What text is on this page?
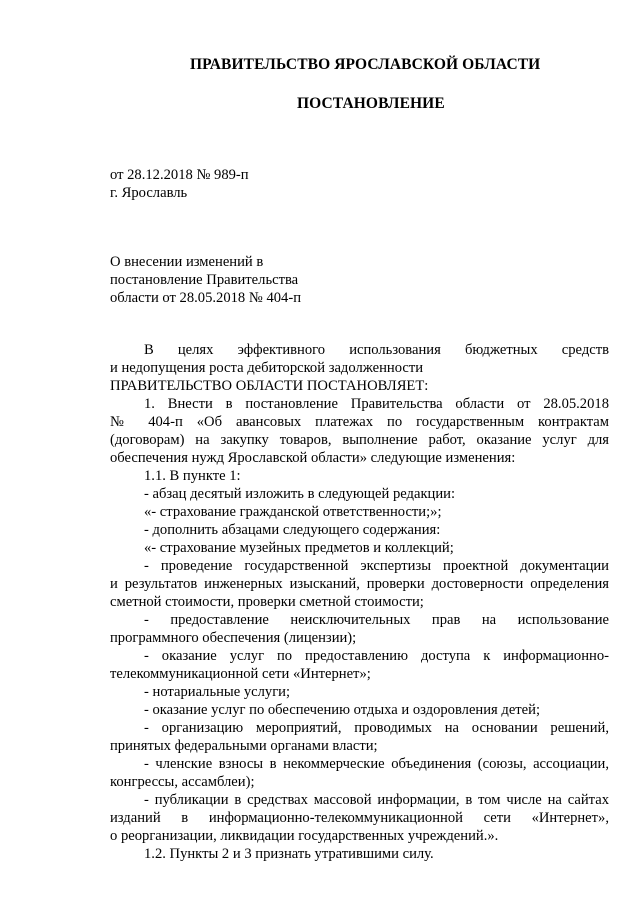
ПРАВИТЕЛЬСТВО ЯРОСЛАВСКОЙ ОБЛАСТИ
ПОСТАНОВЛЕНИЕ
от 28.12.2018 № 989-п
г. Ярославль
О внесении изменений в
постановление Правительства
области от 28.05.2018 № 404-п
В целях эффективного использования бюджетных средств
и недопущения роста дебиторской задолженности
ПРАВИТЕЛЬСТВО ОБЛАСТИ ПОСТАНОВЛЯЕТ:
1. Внести в постановление Правительства области от 28.05.2018
№ 404-п «Об авансовых платежах по государственным контрактам
(договорам) на закупку товаров, выполнение работ, оказание услуг для
обеспечения нужд Ярославской области» следующие изменения:
1.1. В пункте 1:
- абзац десятый изложить в следующей редакции:
«- страхование гражданской ответственности;»;
- дополнить абзацами следующего содержания:
«- страхование музейных предметов и коллекций;
- проведение государственной экспертизы проектной документации
и результатов инженерных изысканий, проверки достоверности определения
сметной стоимости, проверки сметной стоимости;
- предоставление неисключительных прав на использование
программного обеспечения (лицензии);
- оказание услуг по предоставлению доступа к информационно-
телекоммуникационной сети «Интернет»;
- нотариальные услуги;
- оказание услуг по обеспечению отдыха и оздоровления детей;
- организацию мероприятий, проводимых на основании решений,
принятых федеральными органами власти;
- членские взносы в некоммерческие объединения (союзы, ассоциации,
конгрессы, ассамблеи);
- публикации в средствах массовой информации, в том числе на сайтах
изданий в информационно-телекоммуникационной сети «Интернет»,
о реорганизации, ликвидации государственных учреждений.».
1.2. Пункты 2 и 3 признать утратившими силу.
